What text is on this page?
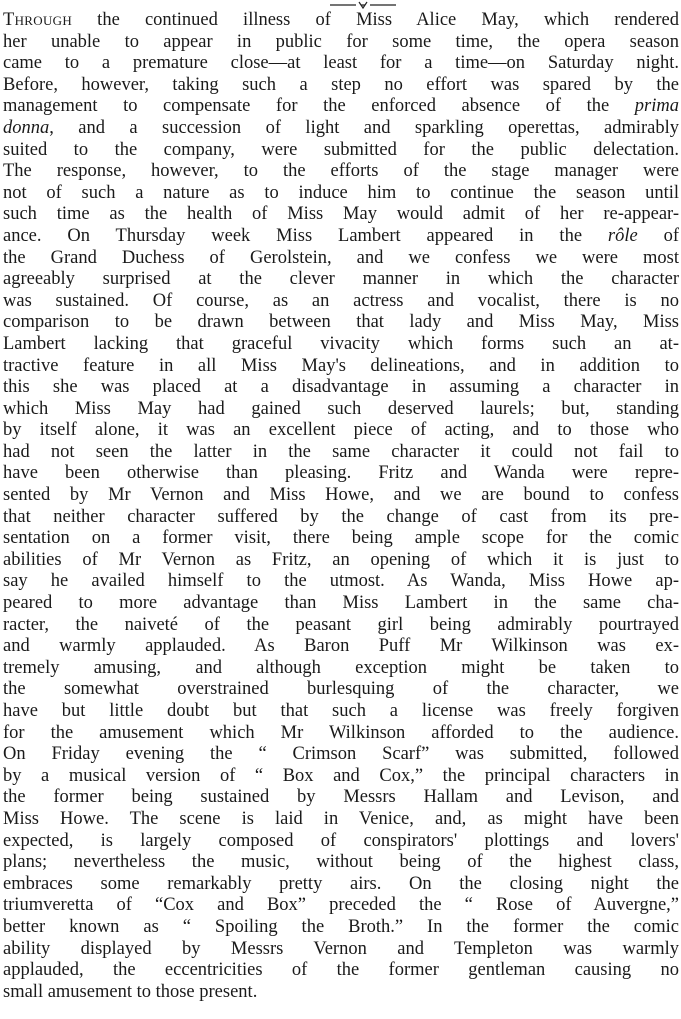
Through the continued illness of Miss Alice May, which rendered
her unable to appear in public for some time, the opera season
came to a premature close—at least for a time—on Saturday night.
Before, however, taking such a step no effort was spared by the
management to compensate for the enforced absence of the prima
donna, and a succession of light and sparkling operettas, admirably
suited to the company, were submitted for the public delectation.
The response, however, to the efforts of the stage manager were
not of such a nature as to induce him to continue the season until
such time as the health of Miss May would admit of her re-appear-
ance. On Thursday week Miss Lambert appeared in the rôle of
the Grand Duchess of Gerolstein, and we confess we were most
agreeably surprised at the clever manner in which the character
was sustained. Of course, as an actress and vocalist, there is no
comparison to be drawn between that lady and Miss May, Miss
Lambert lacking that graceful vivacity which forms such an at-
tractive feature in all Miss May's delineations, and in addition to
this she was placed at a disadvantage in assuming a character in
which Miss May had gained such deserved laurels; but, standing
by itself alone, it was an excellent piece of acting, and to those who
had not seen the latter in the same character it could not fail to
have been otherwise than pleasing. Fritz and Wanda were repre-
sented by Mr Vernon and Miss Howe, and we are bound to confess
that neither character suffered by the change of cast from its pre-
sentation on a former visit, there being ample scope for the comic
abilities of Mr Vernon as Fritz, an opening of which it is just to
say he availed himself to the utmost. As Wanda, Miss Howe ap-
peared to more advantage than Miss Lambert in the same cha-
racter, the naiveté of the peasant girl being admirably pourtrayed
and warmly applauded. As Baron Puff Mr Wilkinson was ex-
tremely amusing, and although exception might be taken to
the somewhat overstrained burlesquing of the character, we
have but little doubt but that such a license was freely forgiven
for the amusement which Mr Wilkinson afforded to the audience.
On Friday evening the “ Crimson Scarf” was submitted, followed
by a musical version of “ Box and Cox,” the principal characters in
the former being sustained by Messrs Hallam and Levison, and
Miss Howe. The scene is laid in Venice, and, as might have been
expected, is largely composed of conspirators' plottings and lovers'
plans; nevertheless the music, without being of the highest class,
embraces some remarkably pretty airs. On the closing night the
triumveretta of “Cox and Box” preceded the “ Rose of Auvergne,”
better known as “ Spoiling the Broth.” In the former the comic
ability displayed by Messrs Vernon and Templeton was warmly
applauded, the eccentricities of the former gentleman causing no
small amusement to those present.
